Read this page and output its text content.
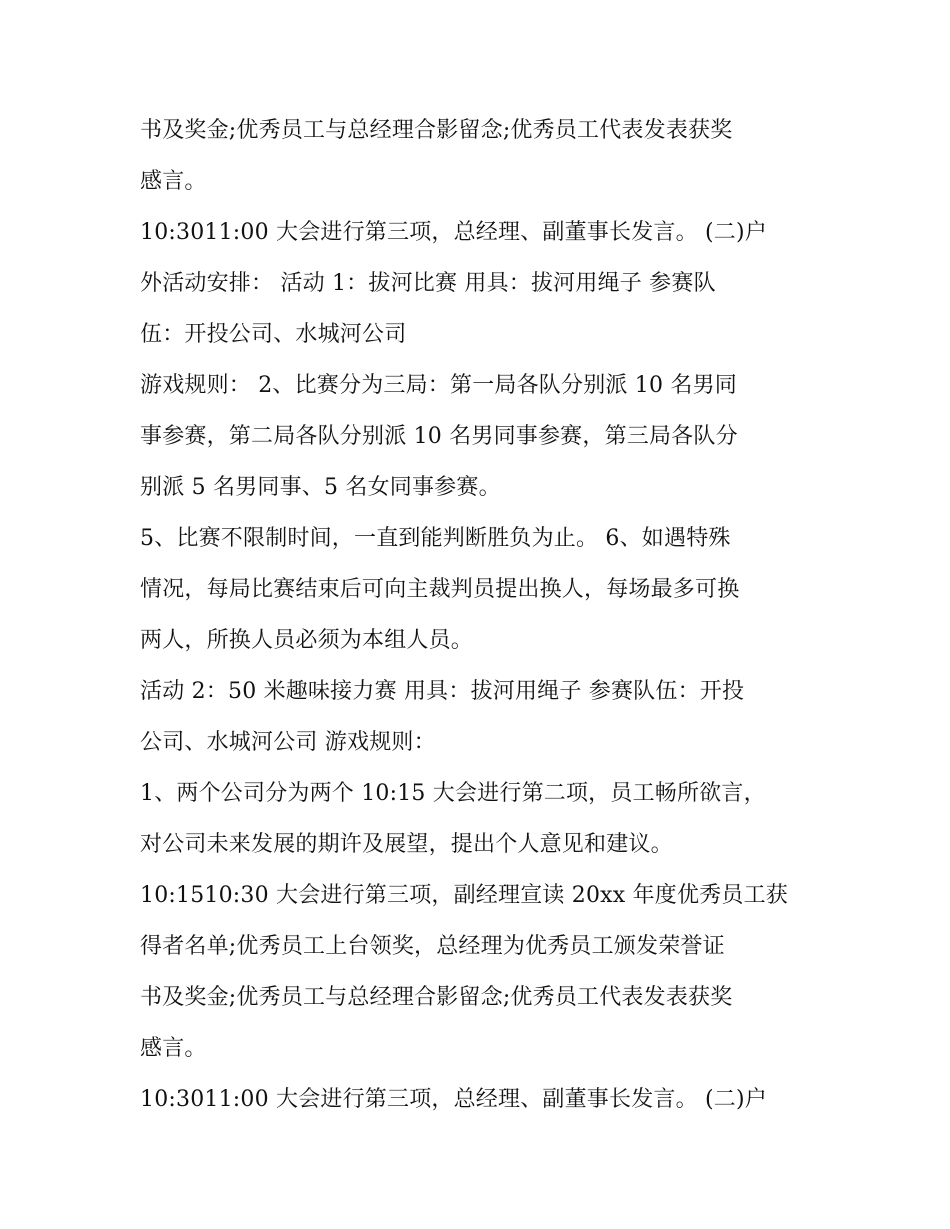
书及奖金;优秀员工与总经理合影留念;优秀员工代表发表获奖
感言。
10:3011:00 大会进行第三项，总经理、副董事长发言。 (二)户
外活动安排： 活动 1：拔河比赛 用具：拔河用绳子 参赛队
伍：开投公司、水城河公司
游戏规则： 2、比赛分为三局：第一局各队分别派 10 名男同
事参赛，第二局各队分别派 10 名男同事参赛，第三局各队分
别派 5 名男同事、5 名女同事参赛。
5、比赛不限制时间，一直到能判断胜负为止。 6、如遇特殊
情况，每局比赛结束后可向主裁判员提出换人，每场最多可换
两人，所换人员必须为本组人员。
活动 2：50 米趣味接力赛 用具：拔河用绳子 参赛队伍：开投
公司、水城河公司 游戏规则：
1、两个公司分为两个 10:15 大会进行第二项，员工畅所欲言，
对公司未来发展的期许及展望，提出个人意见和建议。
10:1510:30 大会进行第三项，副经理宣读 20xx 年度优秀员工获
得者名单;优秀员工上台领奖，总经理为优秀员工颁发荣誉证
书及奖金;优秀员工与总经理合影留念;优秀员工代表发表获奖
感言。
10:3011:00 大会进行第三项，总经理、副董事长发言。 (二)户
